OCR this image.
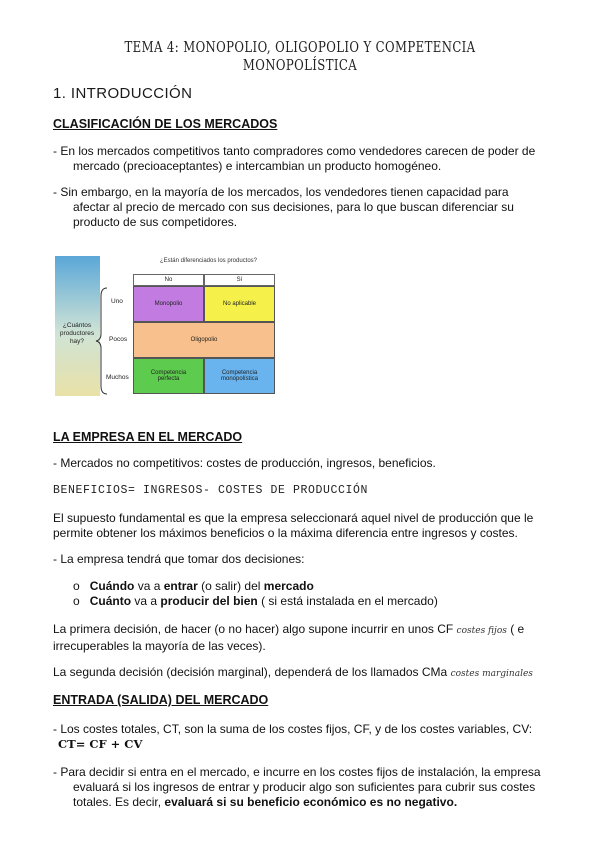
TEMA 4: MONOPOLIO, OLIGOPOLIO Y COMPETENCIA MONOPOLÍSTICA
1. INTRODUCCIÓN
CLASIFICACIÓN DE LOS MERCADOS
- En los mercados competitivos tanto compradores como vendedores carecen de poder de
mercado (precioaceptantes) e intercambian un producto homogéneo.
- Sin embargo, en la mayoría de los mercados, los vendedores tienen capacidad para
afectar al precio de mercado con sus decisiones, para lo que buscan diferenciar su
producto de sus competidores.
¿Están diferenciados los productos?
No	Sí
¿Cuántos productores hay?
Uno
Pocos
Muchos
Monopolio	No aplicable
Oligopolio
Competencia perfecta
Competencia monopolística
LA EMPRESA EN EL MERCADO
- Mercados no competitivos: costes de producción, ingresos, beneficios.
BENEFICIOS= INGRESOS- COSTES DE PRODUCCIÓN
El supuesto fundamental es que la empresa seleccionará aquel nivel de producción que le
permite obtener los máximos beneficios o la máxima diferencia entre ingresos y costes.
- La empresa tendrá que tomar dos decisiones:
o Cuándo va a entrar (o salir) del mercado
o Cuánto va a producir del bien ( si está instalada en el mercado)
La primera decisión, de hacer (o no hacer) algo supone incurrir en unos CF costes fijos ( e
irrecuperables la mayoría de las veces).
La segunda decisión (decisión marginal), dependerá de los llamados CMa costes marginales
ENTRADA (SALIDA) DEL MERCADO
- Los costes totales, CT, son la suma de los costes fijos, CF, y de los costes variables, CV:
CT= CF + CV
- Para decidir si entra en el mercado, e incurre en los costes fijos de instalación, la empresa
evaluará si los ingresos de entrar y producir algo son suficientes para cubrir sus costes
totales. Es decir, evaluará si su beneficio económico es no negativo.
